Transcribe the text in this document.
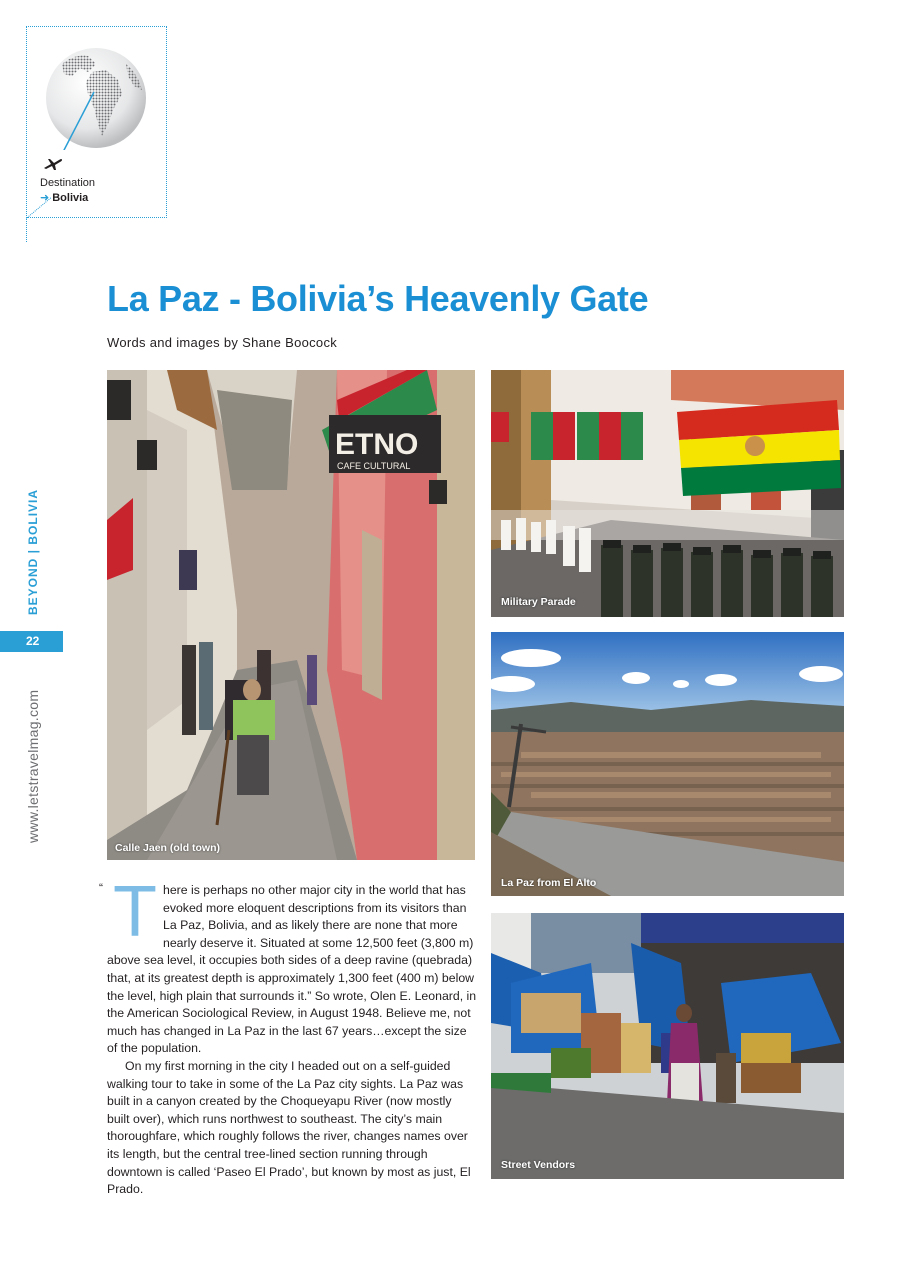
Destination
➜ Bolivia
BEYOND | BOLIVIA
22
www.letstravelmag.com
La Paz - Bolivia’s Heavenly Gate
Words and images by Shane Boocock
ETNO
CAFE CULTURAL
Calle Jaen (old town)
Military Parade
La Paz from El Alto
Street Vendors
“ T here is perhaps no other major city in the world that has evoked more eloquent descriptions from its visitors than La Paz, Bolivia, and as likely there are none that more nearly deserve it. Situated at some 12,500 feet (3,800 m) above sea level, it occupies both sides of a deep ravine (quebrada) that, at its greatest depth is approximately 1,300 feet (400 m) below the level, high plain that surrounds it.” So wrote, Olen E. Leonard, in the American Sociological Review, in August 1948. Believe me, not much has changed in La Paz in the last 67 years…except the size of the population.

On my first morning in the city I headed out on a self-guided walking tour to take in some of the La Paz city sights. La Paz was built in a canyon created by the Choqueyapu River (now mostly built over), which runs northwest to southeast. The city’s main thoroughfare, which roughly follows the river, changes names over its length, but the central tree-lined section running through downtown is called ‘Paseo El Prado’, but known by most as just, El Prado.
